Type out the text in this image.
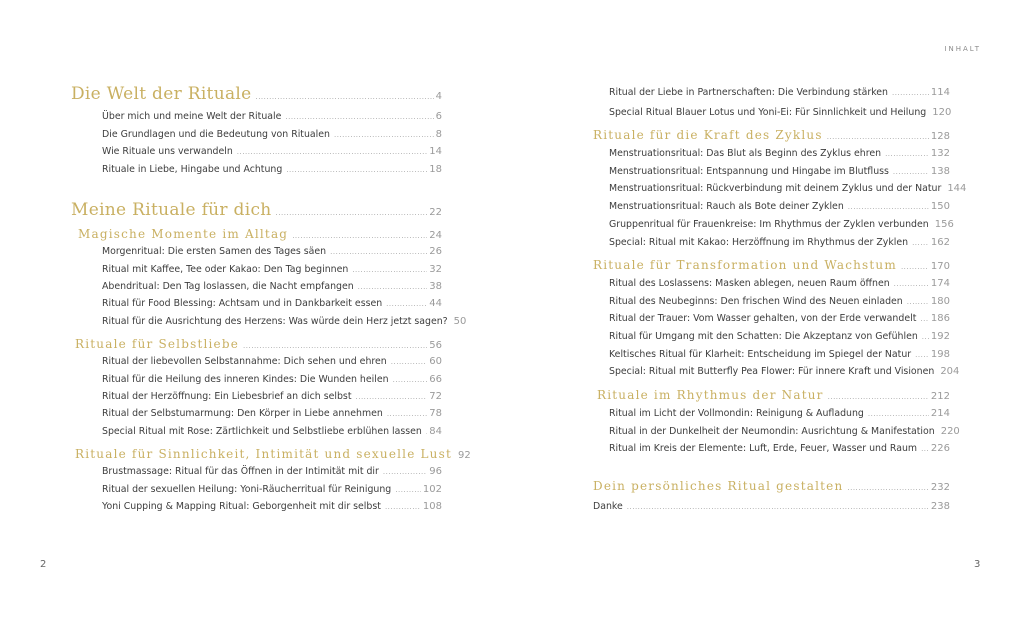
Die Welt der Rituale .....	4
Über mich und meine Welt der Rituale .....	6
Die Grundlagen und die Bedeutung von Ritualen .....	8
Wie Rituale uns verwandeln .....	14
Rituale in Liebe, Hingabe und Achtung .....	18
Meine Rituale für dich .....	22
Magische Momente im Alltag .....	24
Morgenritual: Die ersten Samen des Tages säen .....	26
Ritual mit Kaffee, Tee oder Kakao: Den Tag beginnen .....	32
Abendritual: Den Tag loslassen, die Nacht empfangen .....	38
Ritual für Food Blessing: Achtsam und in Dankbarkeit essen .....	44
Ritual für die Ausrichtung des Herzens: Was würde dein Herz jetzt sagen? 50
Rituale für Selbstliebe .....	56
Ritual der liebevollen Selbstannahme: Dich sehen und ehren .....	60
Ritual für die Heilung des inneren Kindes: Die Wunden heilen .....	66
Ritual der Herzöffnung: Ein Liebesbrief an dich selbst .....	72
Ritual der Selbstumarmung: Den Körper in Liebe annehmen .....	78
Special Ritual mit Rose: Zärtlichkeit und Selbstliebe erblühen lassen ..... 84
Rituale für Sinnlichkeit, Intimität und sexuelle Lust 92
Brustmassage: Ritual für das Öffnen in der Intimität mit dir .....	96
Ritual der sexuellen Heilung: Yoni-Räucherritual für Reinigung .....	102
Yoni Cupping & Mapping Ritual: Geborgenheit mit dir selbst .....	108
2
INHALT
Ritual der Liebe in Partnerschaften: Die Verbindung stärken .....	114
Special Ritual Blauer Lotus und Yoni-Ei: Für Sinnlichkeit und Heilung 120
Rituale für die Kraft des Zyklus .....	128
Menstruationsritual: Das Blut als Beginn des Zyklus ehren .....	132
Menstruationsritual: Entspannung und Hingabe im Blutfluss .....	138
Menstruationsritual: Rückverbindung mit deinem Zyklus und der Natur 144
Menstruationsritual: Rauch als Bote deiner Zyklen .....	150
Gruppenritual für Frauenkreise: Im Rhythmus der Zyklen verbunden 156
Special: Ritual mit Kakao: Herzöffnung im Rhythmus der Zyklen ..... 162
Rituale für Transformation und Wachstum .....	170
Ritual des Loslassens: Masken ablegen, neuen Raum öffnen .....	174
Ritual des Neubeginns: Den frischen Wind des Neuen einladen .....	180
Ritual der Trauer: Vom Wasser gehalten, von der Erde verwandelt ..... 186
Ritual für Umgang mit den Schatten: Die Akzeptanz von Gefühlen ..... 192
Keltisches Ritual für Klarheit: Entscheidung im Spiegel der Natur ..... 198
Special: Ritual mit Butterfly Pea Flower: Für innere Kraft und Visionen 204
Rituale im Rhythmus der Natur .....	212
Ritual im Licht der Vollmondin: Reinigung & Aufladung .....	214
Ritual in der Dunkelheit der Neumondin: Ausrichtung & Manifestation 220
Ritual im Kreis der Elemente: Luft, Erde, Feuer, Wasser und Raum ..... 226
Dein persönliches Ritual gestalten .....	232
Danke .....	238
3
